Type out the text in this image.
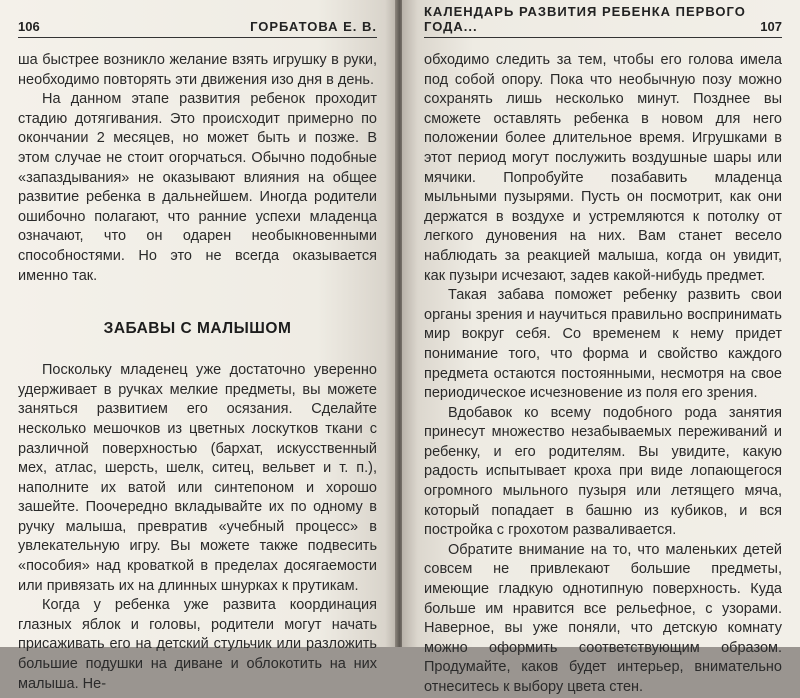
106	ГОРБАТОВА Е. В.

ша быстрее возникло желание взять игрушку в руки, необходимо повторять эти движения изо дня в день.

На данном этапе развития ребенок проходит стадию дотягивания. Это происходит примерно по окончании 2 месяцев, но может быть и позже. В этом случае не стоит огорчаться. Обычно подобные «запаздывания» не оказывают влияния на общее развитие ребенка в дальнейшем. Иногда родители ошибочно полагают, что ранние успехи младенца означают, что он одарен необыкновенными способностями. Но это не всегда оказывается именно так.

ЗАБАВЫ С МАЛЫШОМ

Поскольку младенец уже достаточно уверенно удерживает в ручках мелкие предметы, вы можете заняться развитием его осязания. Сделайте несколько мешочков из цветных лоскутков ткани с различной поверхностью (бархат, искусственный мех, атлас, шерсть, шелк, ситец, вельвет и т. п.), наполните их ватой или синтепоном и хорошо зашейте. Поочередно вкладывайте их по одному в ручку малыша, превратив «учебный процесс» в увлекательную игру. Вы можете также подвесить «пособия» над кроваткой в пределах досягаемости или привязать их на длинных шнурках к прутикам.

Когда у ребенка уже развита координация глазных яблок и головы, родители могут начать присаживать его на детский стульчик или разложить большие подушки на диване и облокотить на них малыша. Не-

КАЛЕНДАРЬ РАЗВИТИЯ РЕБЕНКА ПЕРВОГО ГОДА...	107

обходимо следить за тем, чтобы его голова имела под собой опору. Пока что необычную позу можно сохранять лишь несколько минут. Позднее вы сможете оставлять ребенка в новом для него положении более длительное время. Игрушками в этот период могут послужить воздушные шары или мячики. Попробуйте позабавить младенца мыльными пузырями. Пусть он посмотрит, как они держатся в воздухе и устремляются к потолку от легкого дуновения на них. Вам станет весело наблюдать за реакцией малыша, когда он увидит, как пузыри исчезают, задев какой-нибудь предмет.

Такая забава поможет ребенку развить свои органы зрения и научиться правильно воспринимать мир вокруг себя. Со временем к нему придет понимание того, что форма и свойство каждого предмета остаются постоянными, несмотря на свое периодическое исчезновение из поля его зрения.

Вдобавок ко всему подобного рода занятия принесут множество незабываемых переживаний и ребенку, и его родителям. Вы увидите, какую радость испытывает кроха при виде лопающегося огромного мыльного пузыря или летящего мяча, который попадает в башню из кубиков, и вся постройка с грохотом разваливается.

Обратите внимание на то, что маленьких детей совсем не привлекают большие предметы, имеющие гладкую однотипную поверхность. Куда больше им нравится все рельефное, с узорами. Наверное, вы уже поняли, что детскую комнату можно оформить соответствующим образом. Продумайте, каков будет интерьер, внимательно отнеситесь к выбору цвета стен.
